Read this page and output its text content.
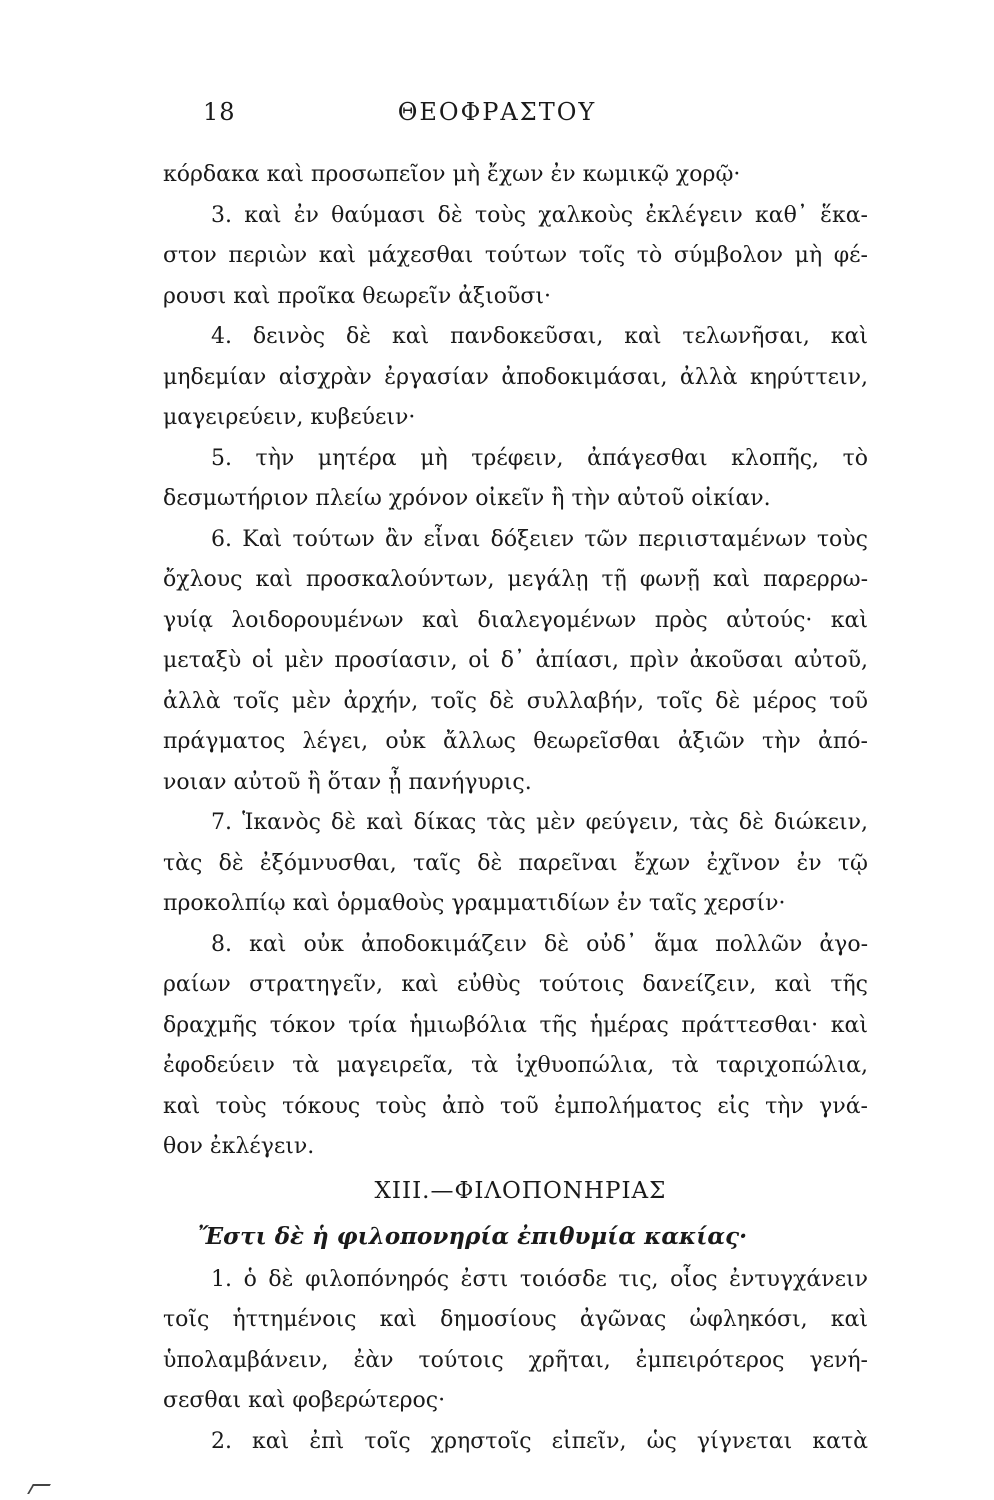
18	ΘΕΟΦΡΑΣΤΟΥ
κόρδακα καὶ προσωπεῖον μὴ ἔχων ἐν κωμικῷ χορῷ·
3. καὶ ἐν θαύμασι δὲ τοὺς χαλκοὺς ἐκλέγειν καθ᾽ ἕκα-
στον περιὼν καὶ μάχεσθαι τούτων τοῖς τὸ σύμβολον μὴ φέ-
ρουσι καὶ προῖκα θεωρεῖν ἀξιοῦσι·
4. δεινὸς δὲ καὶ πανδοκεῦσαι, καὶ τελωνῆσαι, καὶ
μηδεμίαν αἰσχρὰν ἐργασίαν ἀποδοκιμάσαι, ἀλλὰ κηρύττειν,
μαγειρεύειν, κυβεύειν·
5. τὴν μητέρα μὴ τρέφειν, ἀπάγεσθαι κλοπῆς, τὸ
δεσμωτήριον πλείω χρόνον οἰκεῖν ἢ τὴν αὐτοῦ οἰκίαν.
6. Καὶ τούτων ἂν εἶναι δόξειεν τῶν περιισταμένων τοὺς
ὄχλους καὶ προσκαλούντων, μεγάλῃ τῇ φωνῇ καὶ παρερρω-
γυίᾳ λοιδορουμένων καὶ διαλεγομένων πρὸς αὐτούς· καὶ
μεταξὺ οἱ μὲν προσίασιν, οἱ δ᾽ ἀπίασι, πρὶν ἀκοῦσαι αὐτοῦ,
ἀλλὰ τοῖς μὲν ἀρχήν, τοῖς δὲ συλλαβήν, τοῖς δὲ μέρος τοῦ
πράγματος λέγει, οὐκ ἄλλως θεωρεῖσθαι ἀξιῶν τὴν ἀπό-
νοιαν αὐτοῦ ἢ ὅταν ᾖ πανήγυρις.
7. Ἱκανὸς δὲ καὶ δίκας τὰς μὲν φεύγειν, τὰς δὲ διώκειν,
τὰς δὲ ἐξόμνυσθαι, ταῖς δὲ παρεῖναι ἔχων ἐχῖνον ἐν τῷ
προκολπίῳ καὶ ὁρμαθοὺς γραμματιδίων ἐν ταῖς χερσίν·
8. καὶ οὐκ ἀποδοκιμάζειν δὲ οὐδ᾽ ἅμα πολλῶν ἀγο-
ραίων στρατηγεῖν, καὶ εὐθὺς τούτοις δανείζειν, καὶ τῆς
δραχμῆς τόκον τρία ἡμιωβόλια τῆς ἡμέρας πράττεσθαι· καὶ
ἐφοδεύειν τὰ μαγειρεῖα, τὰ ἰχθυοπώλια, τὰ ταριχοπώλια,
καὶ τοὺς τόκους τοὺς ἀπὸ τοῦ ἐμπολήματος εἰς τὴν γνά-
θον ἐκλέγειν.
XIII.—ΦΙΛΟΠΟΝΗΡΙΑΣ
Ἔστι δὲ ἡ φιλοπονηρία ἐπιθυμία κακίας·
1. ὁ δὲ φιλοπόνηρός ἐστι τοιόσδε τις, οἷος ἐντυγχάνειν
τοῖς ἡττημένοις καὶ δημοσίους ἀγῶνας ὠφληκόσι, καὶ
ὑπολαμβάνειν, ἐὰν τούτοις χρῆται, ἐμπειρότερος γενή-
σεσθαι καὶ φοβερώτερος·
2. καὶ ἐπὶ τοῖς χρηστοῖς εἰπεῖν, ὡς γίγνεται κατὰ
